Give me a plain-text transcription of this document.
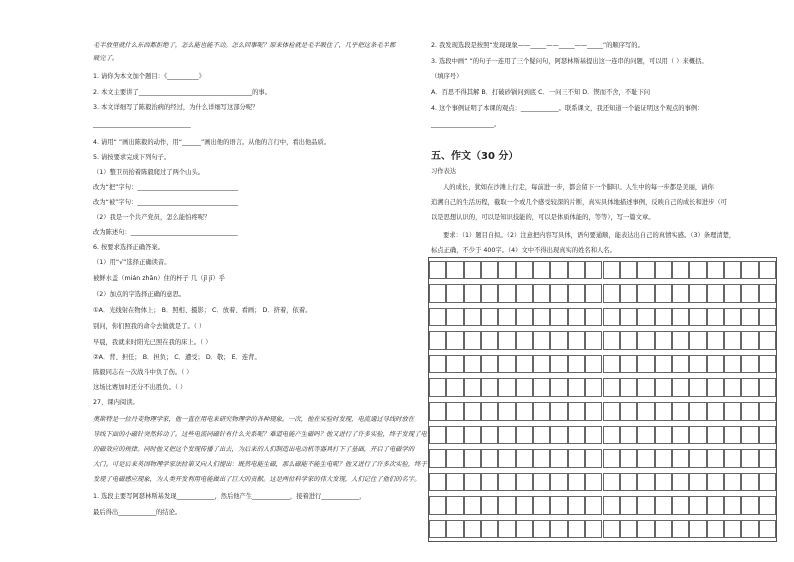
毛半放里就什么东西都拒绝了，怎么能也能不动。怎么回事呢？原来体检就是毛半吸住了，几乎把这条毛半都

吸完了。

1. 请你为本文加个题目：《__________》

2. 本文主要讲了____________________________________的事。

3. 本文详细写了陈毅治病的经过，为什么详细写这部分呢？

_______________________________

4. 请用“ ”画出陈毅的动作，用“______”画出他的语言。从他的言行中，看出他品质。

5. 请按要求完成下列句子。

（1）整卫员抬着陈毅爬过了两个山头。

改为“把”字句：________________________________

改为“被”字句：________________________________

（2）我是一个共产党员，怎么能怕疼呢？

改为陈述句：__________________________________

6. 按要求选择正确答案。

（1）用“√”选择正确读音。

被鲜水盖（mián zhān）住的杯子 几（jǐ jī）乎

（2）加点的字选择正确的意思。

①A．光线射在物体上； B．照相、摄影； C．放着、看画； D．挤着，依着。

别问，你们照我的命令去做就是了。（ ）

早晨，我就来时阳光已照在我的床上。（ ）

②A．背、担任； B．担负； C．遭受； D．敬； E．连背。

陈毅同志在一次战斗中负了伤。（ ）

这场比赛加时还分不出胜负。（ ）

27、课内阅读。

奥斯特是一位丹麦物理学家，他一直在用电来研究物理学的各种现象。一次，他在实验时发现，电流通过导线时放在

导线下面的小磁针突然转动了。这些电流同磁针有什么关系呢？难道电能产生磁吗？他又进行了许多实验，终于发现了电

的磁效应的规律。同时他又把这个发现传播了出去，为后来的人们制造出电动机等器具打下了基础，开启了电磁学的

大门。可是后来英国物理学家法拉第又向人们提出：既然电能生磁，那么磁能不能生电呢？他又进行了许多次实验，终于

发现了电磁感应现象，为人类开发利用电能做出了巨大的贡献。这是两位科学家的伟大发现，人们记住了他们的名字。

1. 选段主要写阿瑟林斯基发现____________，然后他产生____________，接着进行____________，

最后得出____________的结论。

2. 我发现选段是按照“发现现象——_____——_____——_____”的顺序写的。

3. 选段中画“ ”的句子一连用了三个疑问句，阿瑟林斯基提出这一连串的问题，可以用（ ）来概括。

（填序号）

A．百思不得其解 B．打破砂锅问到底 C．一问三不知 D．锲而不舍，不耻下问

4. 这个事例证明了本课的观点：____________。联系课文，我还知道一个能证明这个观点的事例：

____________________。

五、作文（30 分）

习作表达

人的成长，犹如在沙滩上行走，每前进一步，都会留下一个脚印。人生中的每一步都是美丽，请你

追溯自己的生活历程，截取一个或几个感受较深的片断，真实具体地描述事例，反映自己的成长和进步（可

以是思想认识的，可以是知识技能的，可以是体质体能的，等等），写一篇文章。

要求：（1）题目自拟。（2）注意把内容写具体，语句要通顺，能表达出自己的真情实感。（3）条理清楚，

标点正确，不少于 400字。（4）文中不得出现真实的姓名和人名。
